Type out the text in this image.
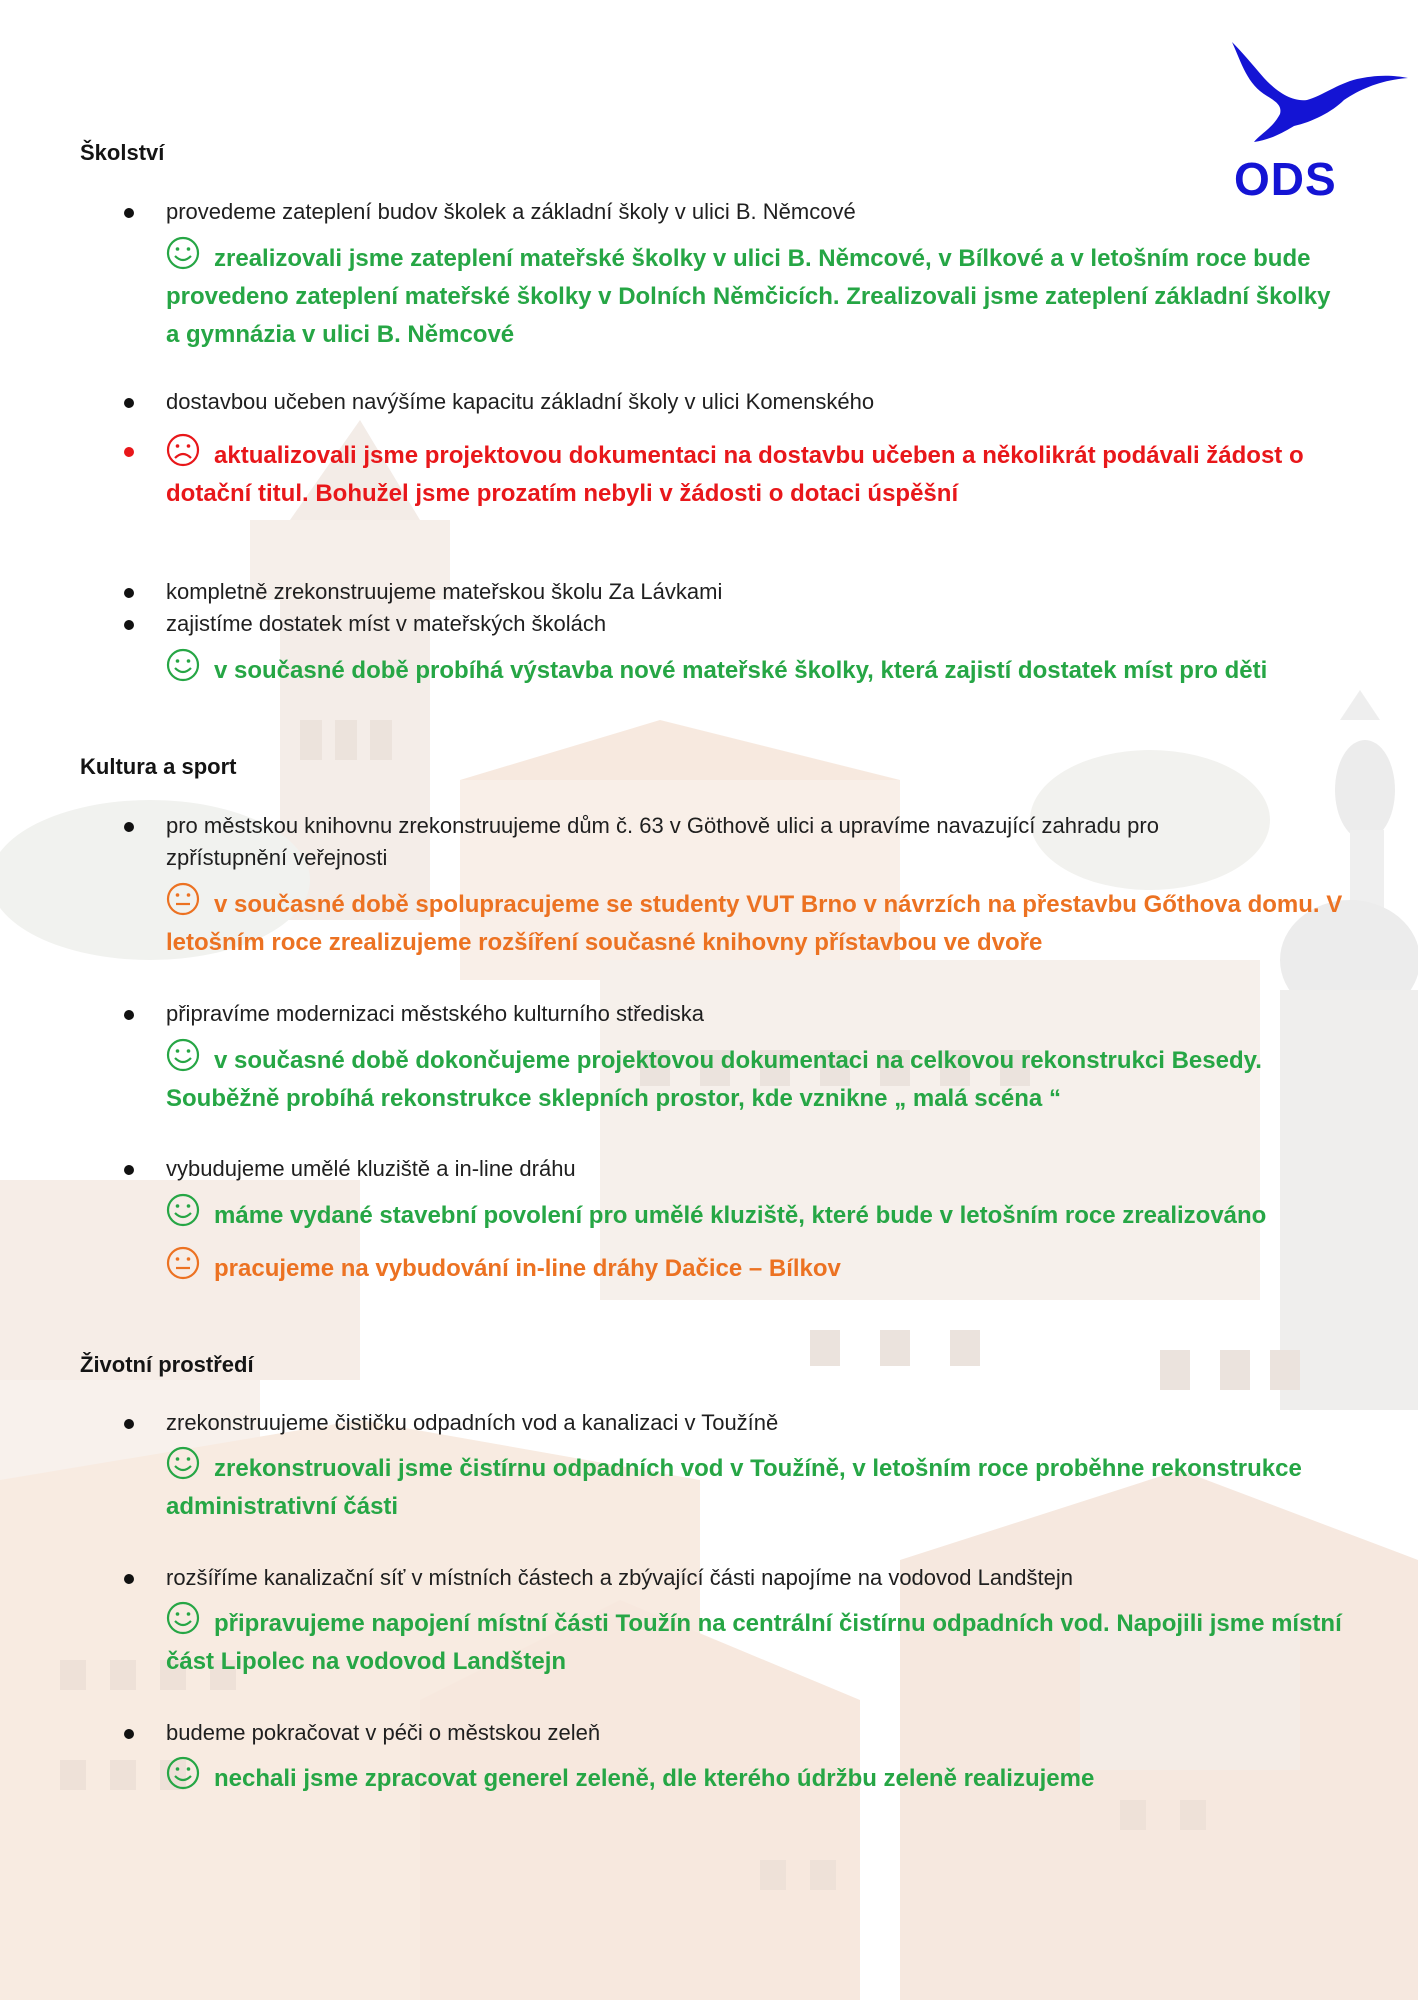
ODS
Školství
provedeme zateplení budov školek a základní školy v ulici B. Němcové
zrealizovali jsme zateplení mateřské školky v ulici B. Němcové, v Bílkové a v letošním roce bude provedeno zateplení mateřské školky v Dolních Němčicích. Zrealizovali jsme zateplení základní školky a gymnázia v ulici B. Němcové
dostavbou učeben navýšíme kapacitu základní školy v ulici Komenského
aktualizovali jsme projektovou dokumentaci na dostavbu učeben a několikrát podávali žádost o dotační titul. Bohužel jsme prozatím nebyli v žádosti o dotaci úspěšní
kompletně zrekonstruujeme mateřskou školu Za Lávkami
zajistíme dostatek míst v mateřských školách
v současné době probíhá výstavba nové mateřské školky, která zajistí dostatek míst pro děti
Kultura a sport
pro městskou knihovnu zrekonstruujeme dům č. 63 v Göthově ulici a upravíme navazující zahradu pro zpřístupnění veřejnosti
v současné době spolupracujeme se studenty VUT Brno v návrzích na přestavbu Gőthova domu. V letošním roce zrealizujeme rozšíření současné knihovny přístavbou ve dvoře
připravíme modernizaci městského kulturního střediska
v současné době dokončujeme projektovou dokumentaci na celkovou rekonstrukci Besedy. Souběžně probíhá rekonstrukce sklepních prostor, kde vznikne „ malá scéna “
vybudujeme umělé kluziště a in-line dráhu
máme vydané stavební povolení pro umělé kluziště, které bude v letošním roce zrealizováno
pracujeme na vybudování in-line dráhy Dačice – Bílkov
Životní prostředí
zrekonstruujeme čističku odpadních vod a kanalizaci v Toužíně
zrekonstruovali jsme čistírnu odpadních vod v Toužíně, v letošním roce proběhne rekonstrukce administrativní části
rozšíříme kanalizační síť v místních částech a zbývající části napojíme na vodovod Landštejn
připravujeme napojení místní části Toužín na centrální čistírnu odpadních vod. Napojili jsme místní část Lipolec na vodovod Landštejn
budeme pokračovat v péči o městskou zeleň
nechali jsme zpracovat generel zeleně, dle kterého údržbu zeleně realizujeme
